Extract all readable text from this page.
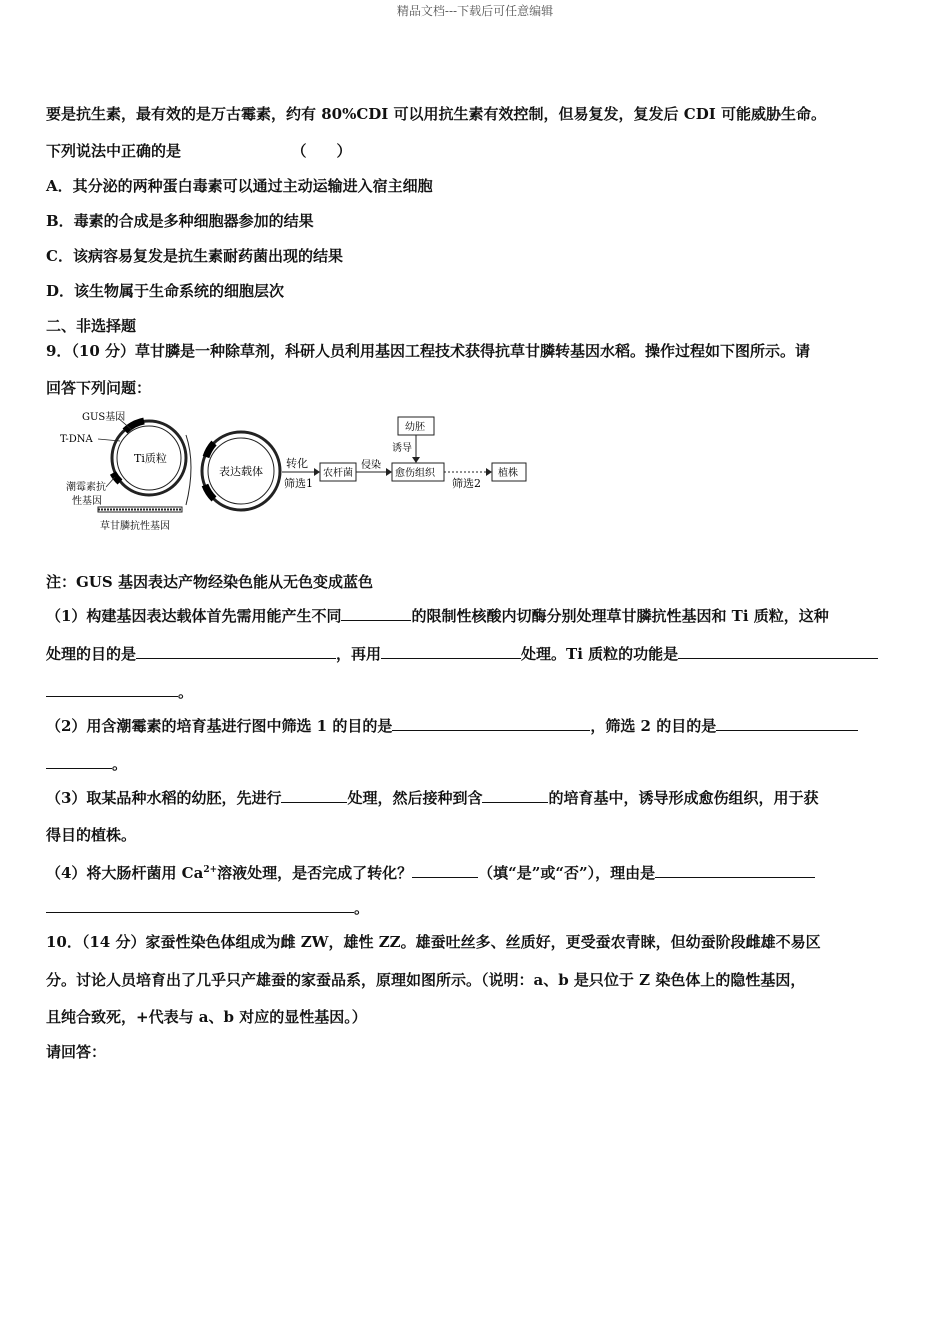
精品文档---下载后可任意编辑
要是抗生素，最有效的是万古霉素，约有 80%CDI 可以用抗生素有效控制，但易复发，复发后 CDI 可能威胁生命。
下列说法中正确的是	（　　）
A．其分泌的两种蛋白毒素可以通过主动运输进入宿主细胞
B．毒素的合成是多种细胞器参加的结果
C．该病容易复发是抗生素耐药菌出现的结果
D．该生物属于生命系统的细胞层次
二、非选择题
9．（10 分）草甘膦是一种除草剂，科研人员利用基因工程技术获得抗草甘膦转基因水稻。操作过程如下图所示。请
回答下列问题：
Ti质粒
GUS基因
T-DNA
潮霉素抗
性基因
草甘膦抗性基因
表达载体
转化
筛选1
农杆菌
侵染
愈伤组织
幼胚
诱导
筛选2
植株
注：GUS 基因表达产物经染色能从无色变成蓝色
（1）构建基因表达载体首先需用能产生不同	的限制性核酸内切酶分别处理草甘膦抗性基因和 Ti 质粒，这种
处理的目的是	，再用	处理。Ti 质粒的功能是
。
（2）用含潮霉素的培育基进行图中筛选 1 的目的是	，筛选 2 的目的是
。
（3）取某品种水稻的幼胚，先进行	处理，然后接种到含	的培育基中，诱导形成愈伤组织，用于获
得目的植株。
（4）将大肠杆菌用 $Ca^{2+}$溶液处理，是否完成了转化？	（填“是”或“否”），理由是
。
10．（14 分）家蚕性染色体组成为雌 ZW，雄性 ZZ。雄蚕吐丝多、丝质好，更受蚕农青睐，但幼蚕阶段雌雄不易区
分。讨论人员培育出了几乎只产雄蚕的家蚕品系，原理如图所示。（说明：a、b 是只位于 Z 染色体上的隐性基因，
且纯合致死，+代表与 a、b 对应的显性基因。）
请回答：
